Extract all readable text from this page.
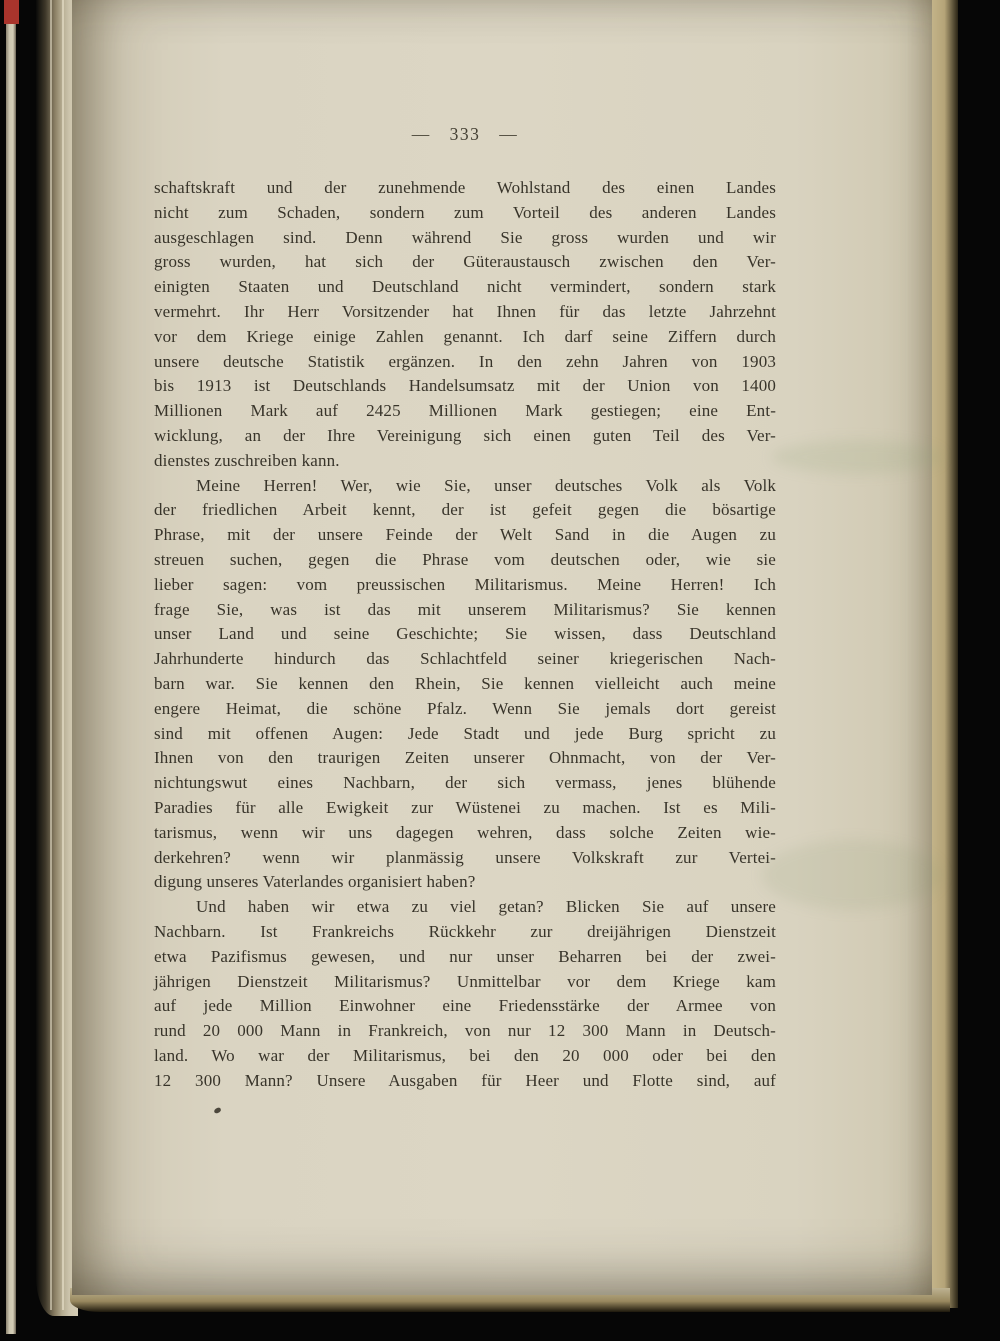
— 333 —
schaftskraft und der zunehmende Wohlstand des einen Landes
nicht zum Schaden, sondern zum Vorteil des anderen Landes
ausgeschlagen sind. Denn während Sie gross wurden und wir
gross wurden, hat sich der Güteraustausch zwischen den Ver-
einigten Staaten und Deutschland nicht vermindert, sondern stark
vermehrt. Ihr Herr Vorsitzender hat Ihnen für das letzte Jahrzehnt
vor dem Kriege einige Zahlen genannt. Ich darf seine Ziffern durch
unsere deutsche Statistik ergänzen. In den zehn Jahren von 1903
bis 1913 ist Deutschlands Handelsumsatz mit der Union von 1400
Millionen Mark auf 2425 Millionen Mark gestiegen; eine Ent-
wicklung, an der Ihre Vereinigung sich einen guten Teil des Ver-
dienstes zuschreiben kann.
Meine Herren! Wer, wie Sie, unser deutsches Volk als Volk
der friedlichen Arbeit kennt, der ist gefeit gegen die bösartige
Phrase, mit der unsere Feinde der Welt Sand in die Augen zu
streuen suchen, gegen die Phrase vom deutschen oder, wie sie
lieber sagen: vom preussischen Militarismus. Meine Herren! Ich
frage Sie, was ist das mit unserem Militarismus? Sie kennen
unser Land und seine Geschichte; Sie wissen, dass Deutschland
Jahrhunderte hindurch das Schlachtfeld seiner kriegerischen Nach-
barn war. Sie kennen den Rhein, Sie kennen vielleicht auch meine
engere Heimat, die schöne Pfalz. Wenn Sie jemals dort gereist
sind mit offenen Augen: Jede Stadt und jede Burg spricht zu
Ihnen von den traurigen Zeiten unserer Ohnmacht, von der Ver-
nichtungswut eines Nachbarn, der sich vermass, jenes blühende
Paradies für alle Ewigkeit zur Wüstenei zu machen. Ist es Mili-
tarismus, wenn wir uns dagegen wehren, dass solche Zeiten wie-
derkehren? wenn wir planmässig unsere Volkskraft zur Vertei-
digung unseres Vaterlandes organisiert haben?
Und haben wir etwa zu viel getan? Blicken Sie auf unsere
Nachbarn. Ist Frankreichs Rückkehr zur dreijährigen Dienstzeit
etwa Pazifismus gewesen, und nur unser Beharren bei der zwei-
jährigen Dienstzeit Militarismus? Unmittelbar vor dem Kriege kam
auf jede Million Einwohner eine Friedensstärke der Armee von
rund 20 000 Mann in Frankreich, von nur 12 300 Mann in Deutsch-
land. Wo war der Militarismus, bei den 20 000 oder bei den
12 300 Mann? Unsere Ausgaben für Heer und Flotte sind, auf
